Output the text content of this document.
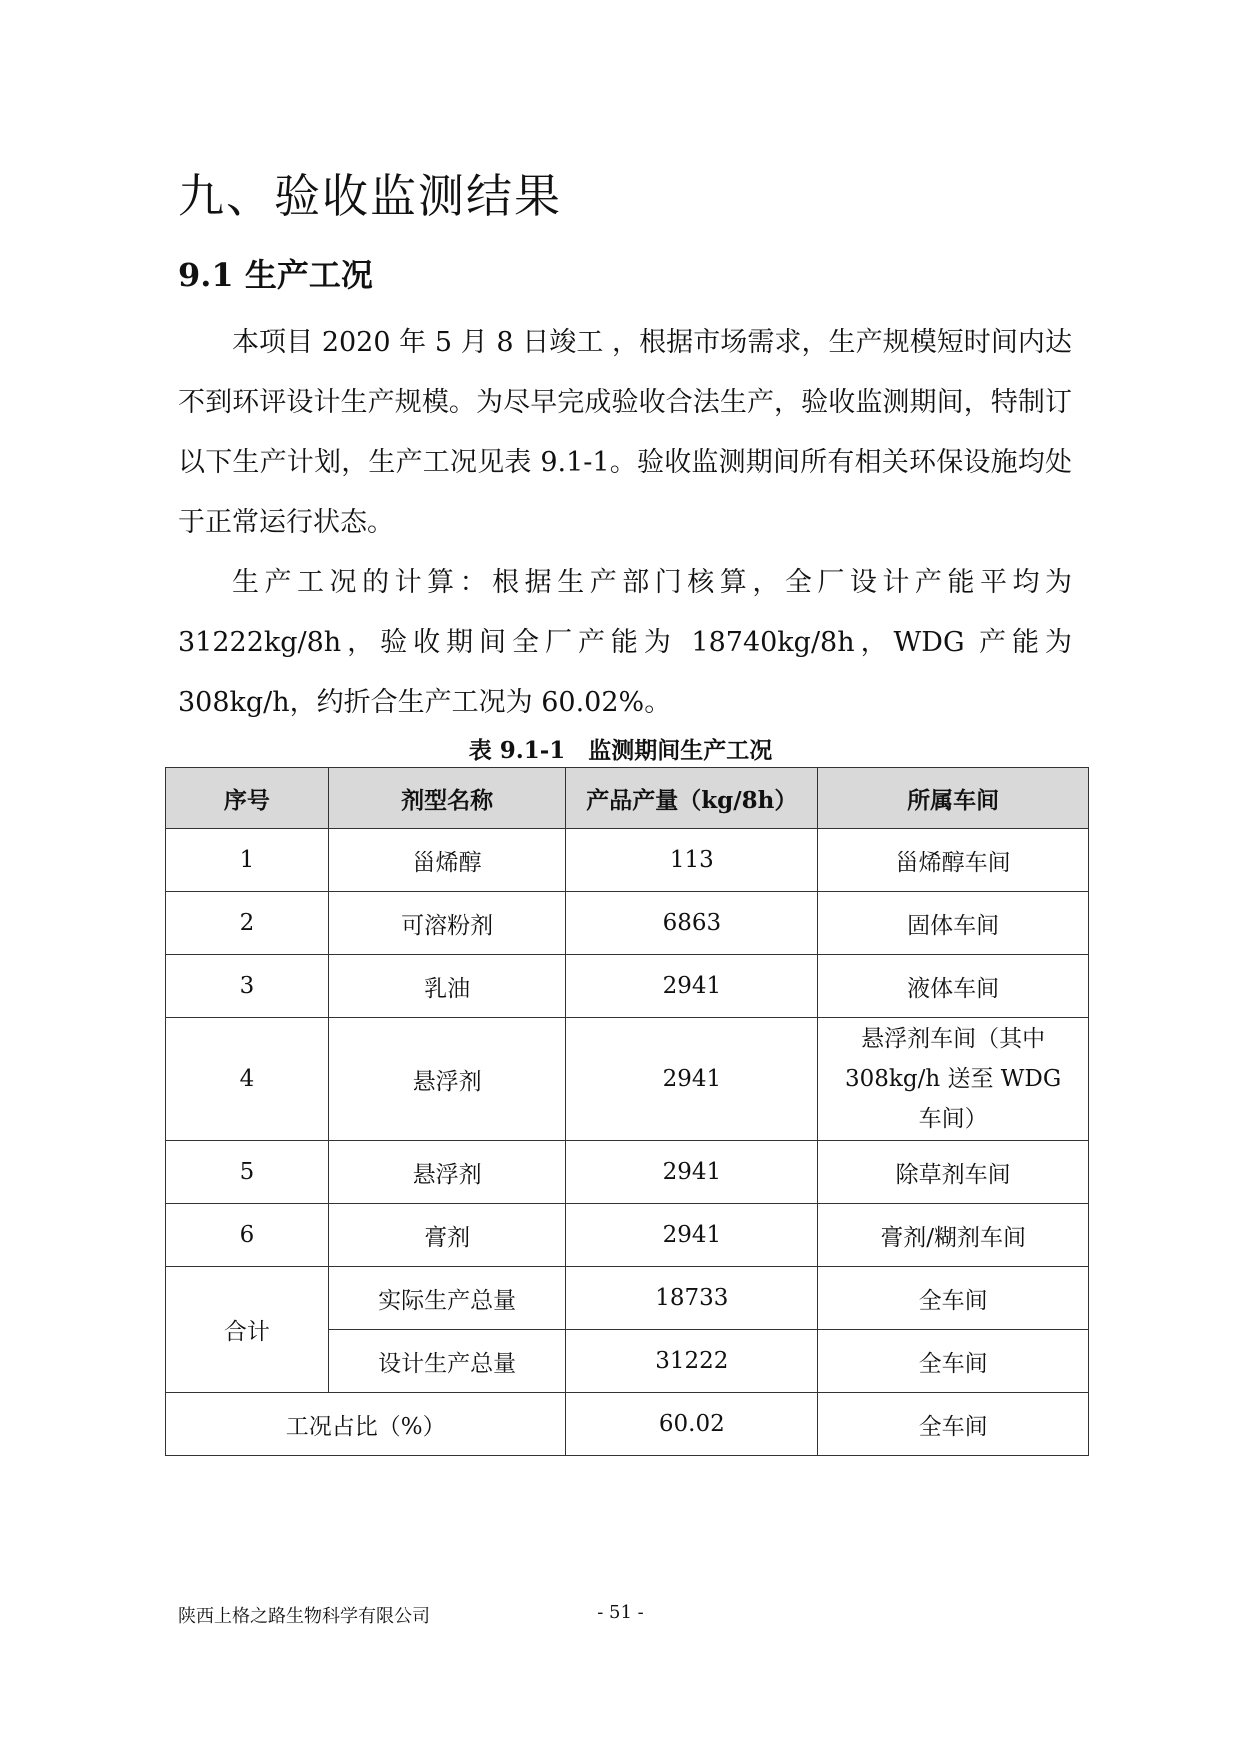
九、验收监测结果
9.1 生产工况

本项目 2020 年 5 月 8 日竣工 ，根据市场需求，生产规模短时间内达不到环评设计生产规模。为尽早完成验收合法生产，验收监测期间，特制订以下生产计划，生产工况见表 9.1-1。验收监测期间所有相关环保设施均处于正常运行状态。

生产工况的计算：根据生产部门核算，全厂设计产能平均为 31222kg/8h，验收期间全厂产能为 18740kg/8h，WDG 产能为 308kg/h，约折合生产工况为 60.02%。

表 9.1-1　监测期间生产工况
序号	剂型名称	产品产量（kg/8h）	所属车间
1	甾烯醇	113	甾烯醇车间
2	可溶粉剂	6863	固体车间
3	乳油	2941	液体车间
4	悬浮剂	2941	悬浮剂车间（其中 308kg/h 送至 WDG 车间）
5	悬浮剂	2941	除草剂车间
6	膏剂	2941	膏剂/糊剂车间
合计	实际生产总量	18733	全车间
	设计生产总量	31222	全车间
工况占比（%）		60.02	全车间
陕西上格之路生物科学有限公司	- 51 -
